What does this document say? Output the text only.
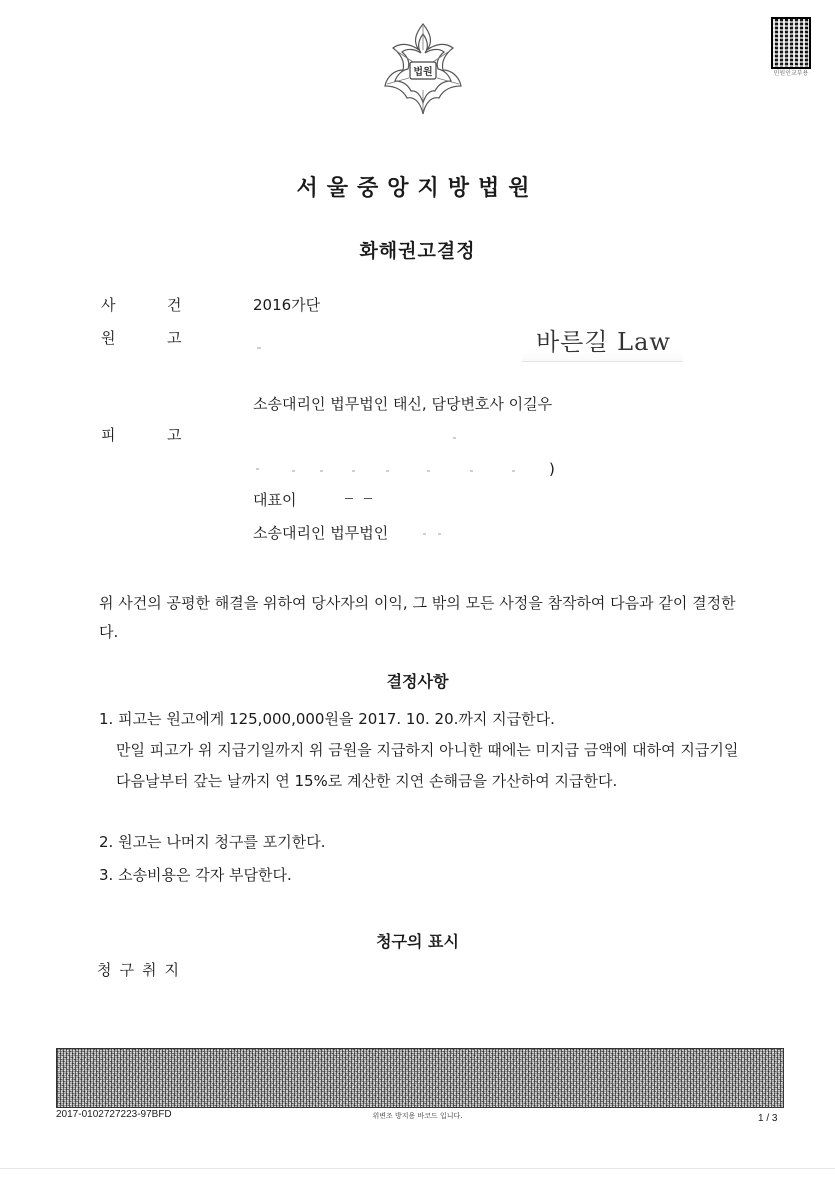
법원	민원인교부용
서울중앙지방법원
화해권고결정
사	건	2016가단
원	고	바른길 Law
소송대리인 법무법인 태신, 담당변호사 이길우
피	고
)
대표이
소송대리인 법무법인
위 사건의 공평한 해결을 위하여 당사자의 이익, 그 밖의 모든 사정을 참작하여 다음과 같이 결정한다.
결정사항
1. 피고는 원고에게 125,000,000원을 2017. 10. 20.까지 지급한다.
만일 피고가 위 지급기일까지 위 금원을 지급하지 아니한 때에는 미지급 금액에 대하여 지급기일 다음날부터 갚는 날까지 연 15%로 계산한 지연 손해금을 가산하여 지급한다.
2. 원고는 나머지 청구를 포기한다.
3. 소송비용은 각자 부담한다.
청구의 표시
청구취지
2017-0102727223-97BFD	위변조 방지용 바코드 입니다.	1 / 3
